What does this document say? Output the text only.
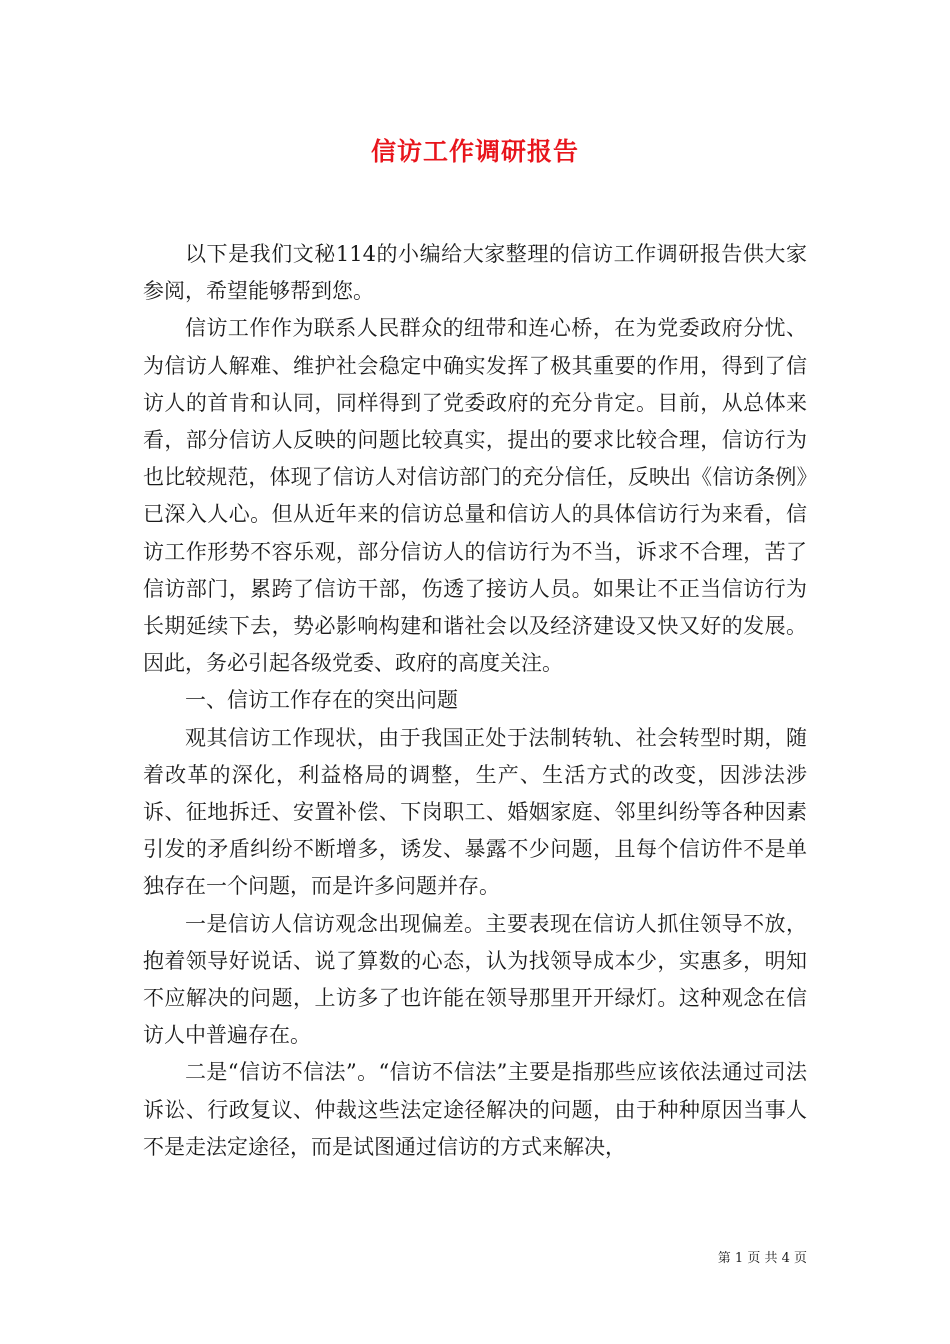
信访工作调研报告

以下是我们文秘114的小编给大家整理的信访工作调研报告供大家参阅，希望能够帮到您。

信访工作作为联系人民群众的纽带和连心桥，在为党委政府分忧、为信访人解难、维护社会稳定中确实发挥了极其重要的作用，得到了信访人的首肯和认同，同样得到了党委政府的充分肯定。目前，从总体来看，部分信访人反映的问题比较真实，提出的要求比较合理，信访行为也比较规范，体现了信访人对信访部门的充分信任，反映出《信访条例》已深入人心。但从近年来的信访总量和信访人的具体信访行为来看，信访工作形势不容乐观，部分信访人的信访行为不当，诉求不合理，苦了信访部门，累跨了信访干部，伤透了接访人员。如果让不正当信访行为长期延续下去，势必影响构建和谐社会以及经济建设又快又好的发展。因此，务必引起各级党委、政府的高度关注。

一、信访工作存在的突出问题

观其信访工作现状，由于我国正处于法制转轨、社会转型时期，随着改革的深化，利益格局的调整，生产、生活方式的改变，因涉法涉诉、征地拆迁、安置补偿、下岗职工、婚姻家庭、邻里纠纷等各种因素引发的矛盾纠纷不断增多，诱发、暴露不少问题，且每个信访件不是单独存在一个问题，而是许多问题并存。

一是信访人信访观念出现偏差。主要表现在信访人抓住领导不放，抱着领导好说话、说了算数的心态，认为找领导成本少，实惠多，明知不应解决的问题，上访多了也许能在领导那里开开绿灯。这种观念在信访人中普遍存在。

二是“信访不信法”。“信访不信法”主要是指那些应该依法通过司法诉讼、行政复议、仲裁这些法定途径解决的问题，由于种种原因当事人不是走法定途径，而是试图通过信访的方式来解决，

第 1 页 共 4 页
